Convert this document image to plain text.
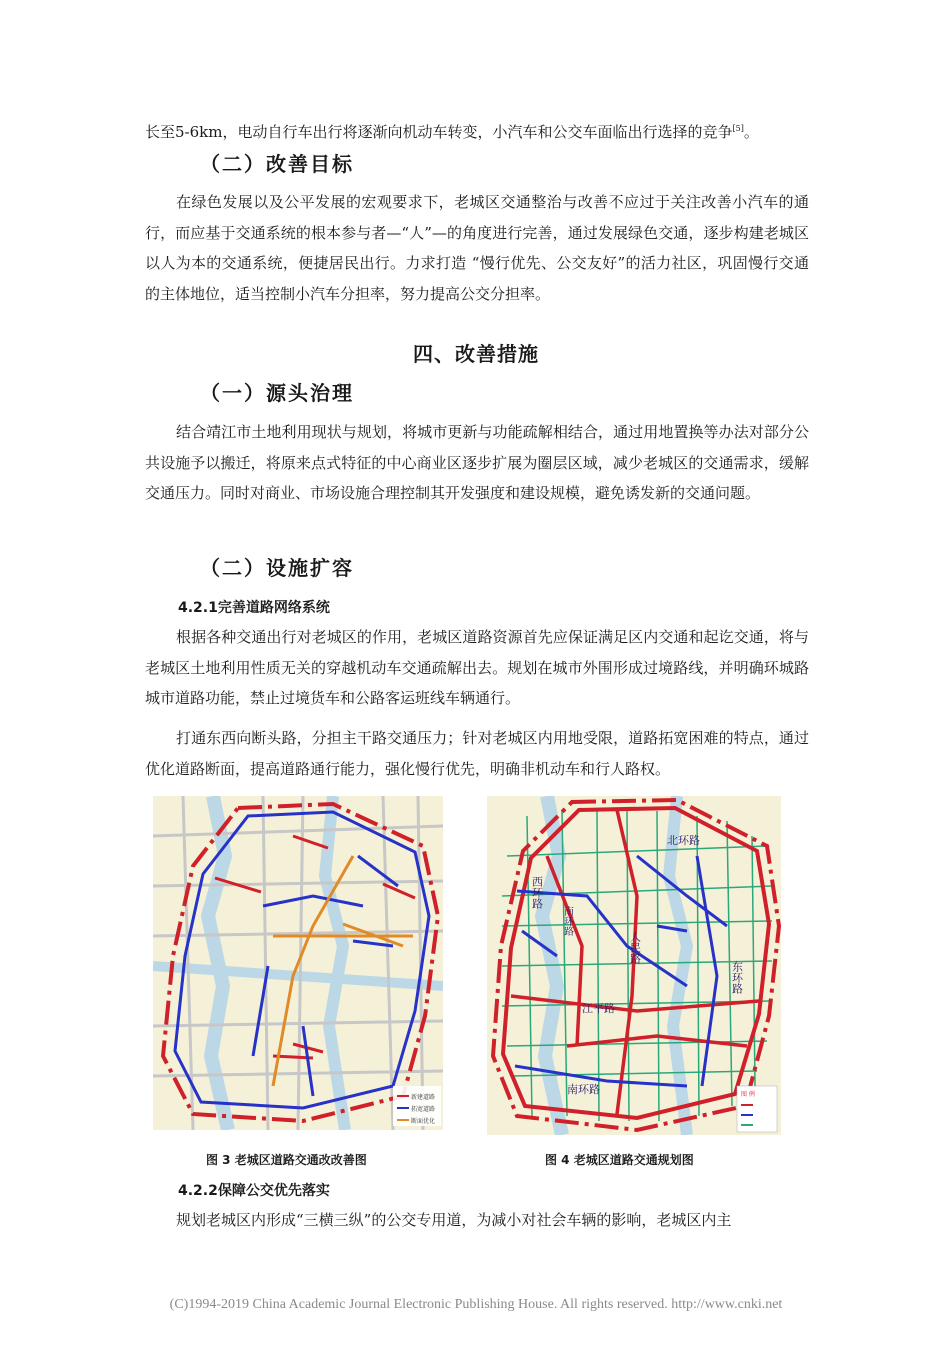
长至5-6km，电动自行车出行将逐渐向机动车转变，小汽车和公交车面临出行选择的竞争[5]。

（二）改善目标

在绿色发展以及公平发展的宏观要求下，老城区交通整治与改善不应过于关注改善小汽车的通行，而应基于交通系统的根本参与者—“人”—的角度进行完善，通过发展绿色交通，逐步构建老城区以人为本的交通系统，便捷居民出行。力求打造 “慢行优先、公交友好”的活力社区，巩固慢行交通的主体地位，适当控制小汽车分担率，努力提高公交分担率。

四、改善措施
（一）源头治理

结合靖江市土地利用现状与规划，将城市更新与功能疏解相结合，通过用地置换等办法对部分公共设施予以搬迁，将原来点式特征的中心商业区逐步扩展为圈层区域，减少老城区的交通需求，缓解交通压力。同时对商业、市场设施合理控制其开发强度和建设规模，避免诱发新的交通问题。

（二）设施扩容
4.2.1完善道路网络系统

根据各种交通出行对老城区的作用，老城区道路资源首先应保证满足区内交通和起讫交通，将与老城区土地利用性质无关的穿越机动车交通疏解出去。规划在城市外围形成过境路线，并明确环城路城市道路功能，禁止过境货车和公路客运班线车辆通行。

打通东西向断头路，分担主干路交通压力；针对老城区内用地受限，道路拓宽困难的特点，通过优化道路断面，提高道路通行能力，强化慢行优先，明确非机动车和行人路权。

新建道路
拓宽道路
断面优化
图 3 老城区道路交通改改善图
北环路
西环路
南环路
人民路
东环路
江平路
南环路	图 例
图 4 老城区道路交通规划图
4.2.2保障公交优先落实

规划老城区内形成“三横三纵”的公交专用道，为减小对社会车辆的影响，老城区内主

(C)1994-2019 China Academic Journal Electronic Publishing House. All rights reserved. http://www.cnki.net
